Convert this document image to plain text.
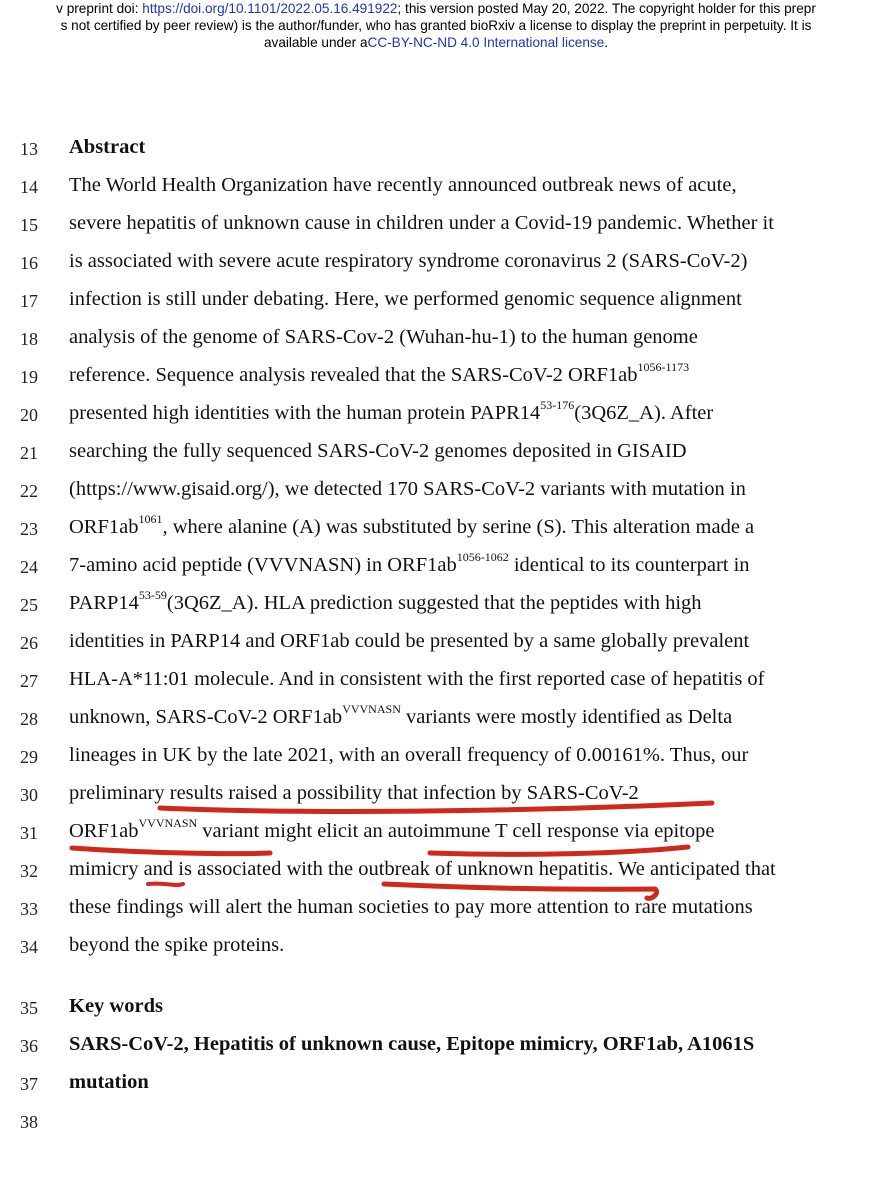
v preprint doi: https://doi.org/10.1101/2022.05.16.491922; this version posted May 20, 2022. The copyright holder for this prepr
s not certified by peer review) is the author/funder, who has granted bioRxiv a license to display the preprint in perpetuity. It is
available under aCC-BY-NC-ND 4.0 International license.
13 Abstract
14 The World Health Organization have recently announced outbreak news of acute,
15 severe hepatitis of unknown cause in children under a Covid-19 pandemic. Whether it
16 is associated with severe acute respiratory syndrome coronavirus 2 (SARS-CoV-2)
17 infection is still under debating. Here, we performed genomic sequence alignment
18 analysis of the genome of SARS-Cov-2 (Wuhan-hu-1) to the human genome
19 reference. Sequence analysis revealed that the SARS-CoV-2 $ORF1ab^{1056-1173}$
20 presented high identities with the human protein PAPR14$^{53-176}$(3Q6Z_A). After
21 searching the fully sequenced SARS-CoV-2 genomes deposited in GISAID
22 (https://www.gisaid.org/), we detected 170 SARS-CoV-2 variants with mutation in
23 $ORF1ab^{1061}$, where alanine (A) was substituted by serine (S). This alteration made a
24 7-amino acid peptide (VVVNASN) in $ORF1ab^{1056-1062}$ identical to its counterpart in
25 PARP14$^{53-59}$(3Q6Z_A). HLA prediction suggested that the peptides with high
26 identities in PARP14 and ORF1ab could be presented by a same globally prevalent
27 HLA-A*11:01 molecule. And in consistent with the first reported case of hepatitis of
28 unknown, SARS-CoV-2 $ORF1ab^{VVVNASN}$ variants were mostly identified as Delta
29 lineages in UK by the late 2021, with an overall frequency of 0.00161%. Thus, our
30 preliminary results raised a possibility that infection by SARS-CoV-2
31 $ORF1ab^{VVVNASN}$ variant might elicit an autoimmune T cell response via epitope
32 mimicry and is associated with the outbreak of unknown hepatitis. We anticipated that
33 these findings will alert the human societies to pay more attention to rare mutations
34 beyond the spike proteins.
35 Key words
36 SARS-CoV-2, Hepatitis of unknown cause, Epitope mimicry, ORF1ab, A1061S
37 mutation
38
